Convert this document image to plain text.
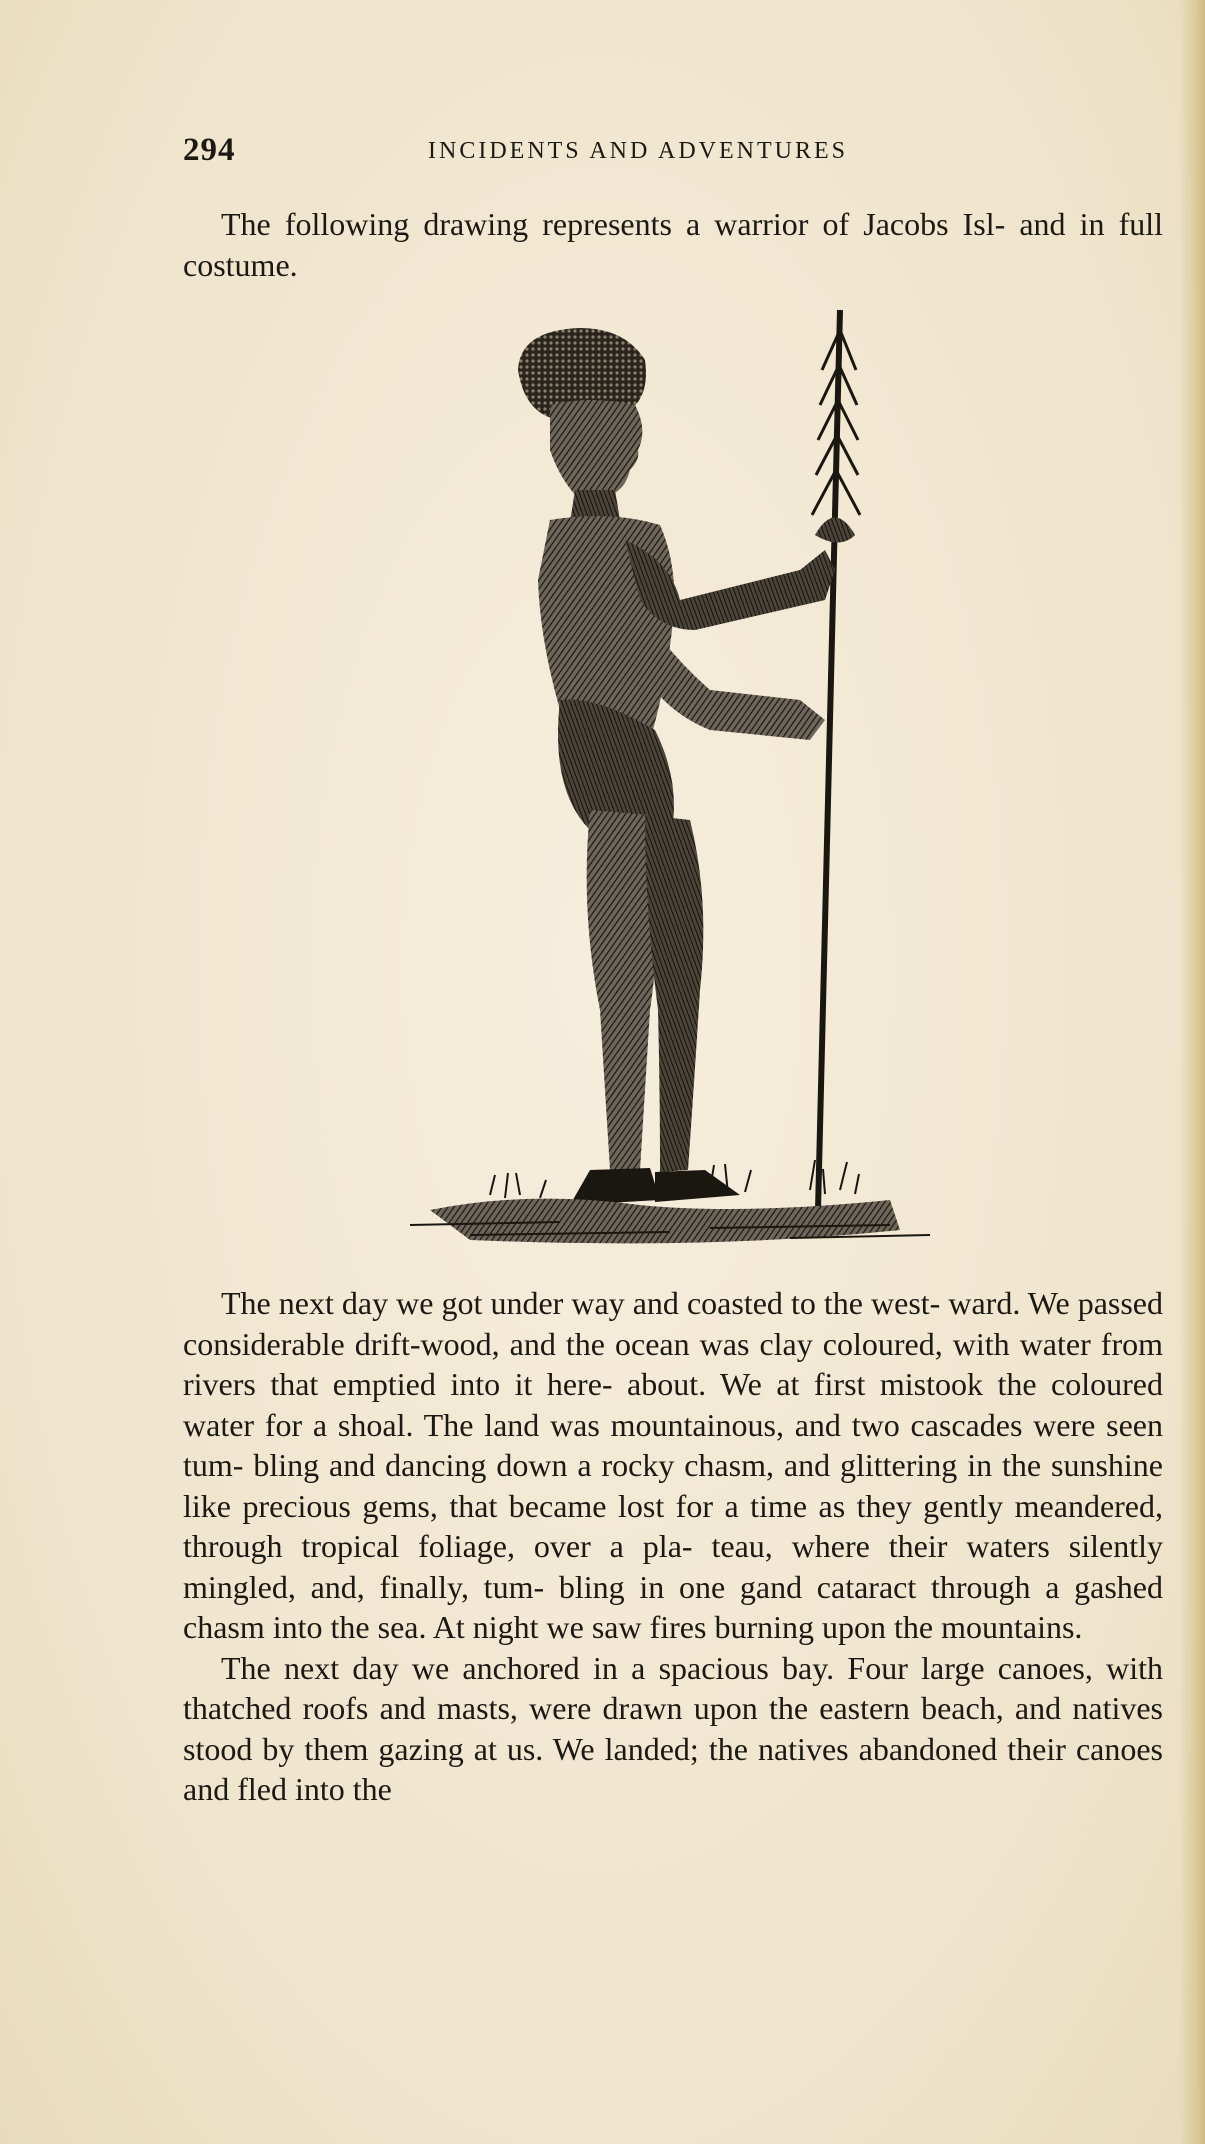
294	INCIDENTS AND ADVENTURES

The following drawing represents a warrior of Jacobs Isl- and in full costume.

The next day we got under way and coasted to the west- ward. We passed considerable drift-wood, and the ocean was clay coloured, with water from rivers that emptied into it here- about. We at first mistook the coloured water for a shoal. The land was mountainous, and two cascades were seen tum- bling and dancing down a rocky chasm, and glittering in the sunshine like precious gems, that became lost for a time as they gently meandered, through tropical foliage, over a pla- teau, where their waters silently mingled, and, finally, tum- bling in one gand cataract through a gashed chasm into the sea. At night we saw fires burning upon the mountains.

The next day we anchored in a spacious bay. Four large canoes, with thatched roofs and masts, were drawn upon the eastern beach, and natives stood by them gazing at us. We landed; the natives abandoned their canoes and fled into the
